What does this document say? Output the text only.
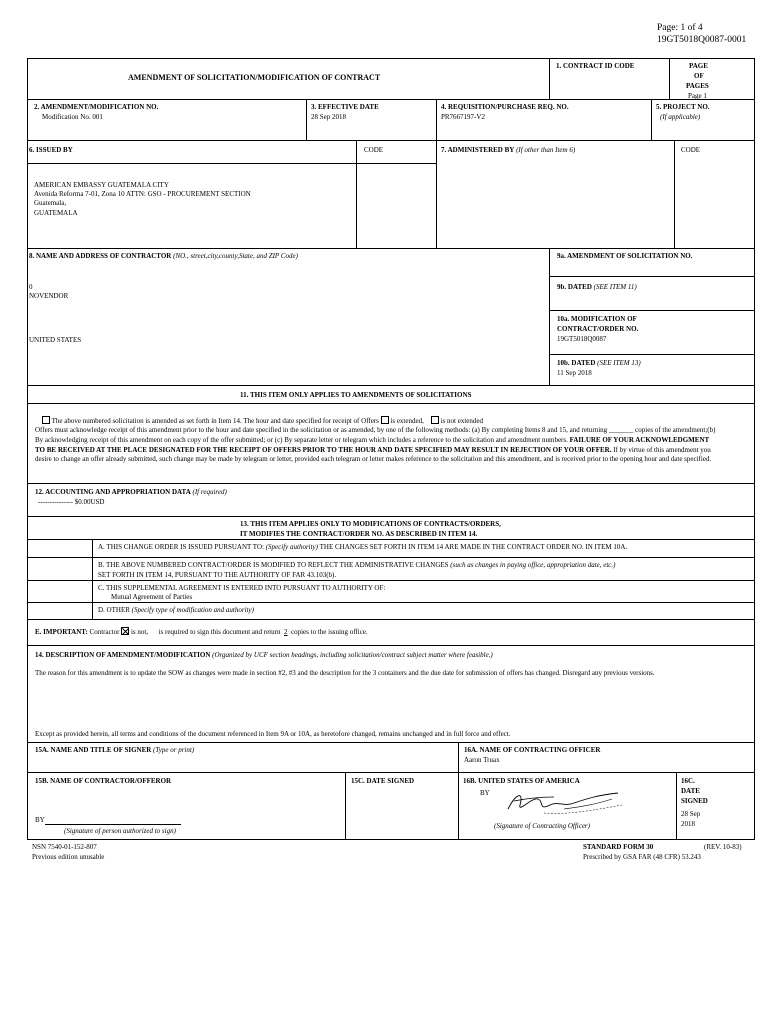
Page: 1 of 4
19GT5018Q0087-0001
AMENDMENT OF SOLICITATION/MODIFICATION OF CONTRACT
1. CONTRACT ID CODE	PAGE
OF
PAGES
Page 1
2. AMENDMENT/MODIFICATION NO.
Modification No. 001
3. EFFECTIVE DATE
28 Sep 2018
4. REQUISITION/PURCHASE REQ. NO.
PR7667197-V2
5. PROJECT NO.
(If applicable)
6. ISSUED BY	CODE
AMERICAN EMBASSY GUATEMALA CITY
Avenida Reforma 7-01, Zona 10 ATTN: GSO - PROCUREMENT SECTION
Guatemala,
GUATEMALA
7. ADMINISTERED BY (If other than Item 6)	CODE
8. NAME AND ADDRESS OF CONTRACTOR (NO., street,city,county,State, and ZIP Code)
0
NOVENDOR
UNITED STATES
9a. AMENDMENT OF SOLICITATION NO.
9b. DATED (SEE ITEM 11)
10a. MODIFICATION OF
CONTRACT/ORDER NO.
19GT5018Q0087
10b. DATED (SEE ITEM 13)
11 Sep 2018
11. THIS ITEM ONLY APPLIES TO AMENDMENTS OF SOLICITATIONS
The above numbered solicitation is amended as set forth in Item 14. The hour and date specified for receipt of Offers is extended, is not extended
Offers must acknowledge receipt of this amendment prior to the hour and date specified in the solicitation or as amended, by one of the following methods: (a) By completing Items 8 and 15, and returning _______ copies of the amendment;(b) By acknowledging receipt of this amendment on each copy of the offer submitted; or (c) By separate letter or telegram which includes a reference to the solicitation and amendment numbers. FAILURE OF YOUR ACKNOWLEDGMENT TO BE RECEIVED AT THE PLACE DESIGNATED FOR THE RECEIPT OF OFFERS PRIOR TO THE HOUR AND DATE SPECIFIED MAY RESULT IN REJECTION OF YOUR OFFER. If by virtue of this amendment you desire to change an offer already submitted, such change may be made by telegram or letter, provided each telegram or letter makes reference to the solicitation and this amendment, and is received prior to the opening hour and date specified.
12. ACCOUNTING AND APPROPRIATION DATA (If required)
--------------- $0.00USD
13. THIS ITEM APPLIES ONLY TO MODIFICATIONS OF CONTRACTS/ORDERS,
IT MODIFIES THE CONTRACT/ORDER NO. AS DESCRIBED IN ITEM 14.
A. THIS CHANGE ORDER IS ISSUED PURSUANT TO: (Specify authority) THE CHANGES SET FORTH IN ITEM 14 ARE MADE IN THE CONTRACT ORDER NO. IN ITEM 10A.
B. THE ABOVE NUMBERED CONTRACT/ORDER IS MODIFIED TO REFLECT THE ADMINISTRATIVE CHANGES (such as changes in paying office, appropriation date, etc.)
SET FORTH IN ITEM 14, PURSUANT TO THE AUTHORITY OF FAR 43.103(b).
C. THIS SUPPLEMENTAL AGREEMENT IS ENTERED INTO PURSUANT TO AUTHORITY OF:
Mutual Agreement of Parties
D. OTHER (Specify type of modification and authority)
E. IMPORTANT: Contractor is not, is required to sign this document and return 2 copies to the issuing office.
14. DESCRIPTION OF AMENDMENT/MODIFICATION (Organized by UCF section headings, including solicitation/contract subject matter where feasible.)
The reason for this amendment is to update the SOW as changes were made in section #2, #3 and the description for the 3 containers and the due date for submission of offers has changed. Disregard any previous versions.
Except as provided herein, all terms and conditions of the document referenced in Item 9A or 10A, as heretofore changed, remains unchanged and in full force and effect.
15A. NAME AND TITLE OF SIGNER (Type or print)	16A. NAME OF CONTRACTING OFFICER
Aaron Truax
15B. NAME OF CONTRACTOR/OFFEROR
BY
(Signature of person authorized to sign)
15C. DATE SIGNED	16B. UNITED STATES OF AMERICA
BY
(Signature of Contracting Officer)
16C.
DATE
SIGNED
28 Sep
2018
NSN 7540-01-152-807
Previous edition unusable
STANDARD FORM 30	(REV. 10-83)
Prescribed by GSA FAR (48 CFR) 53.243
